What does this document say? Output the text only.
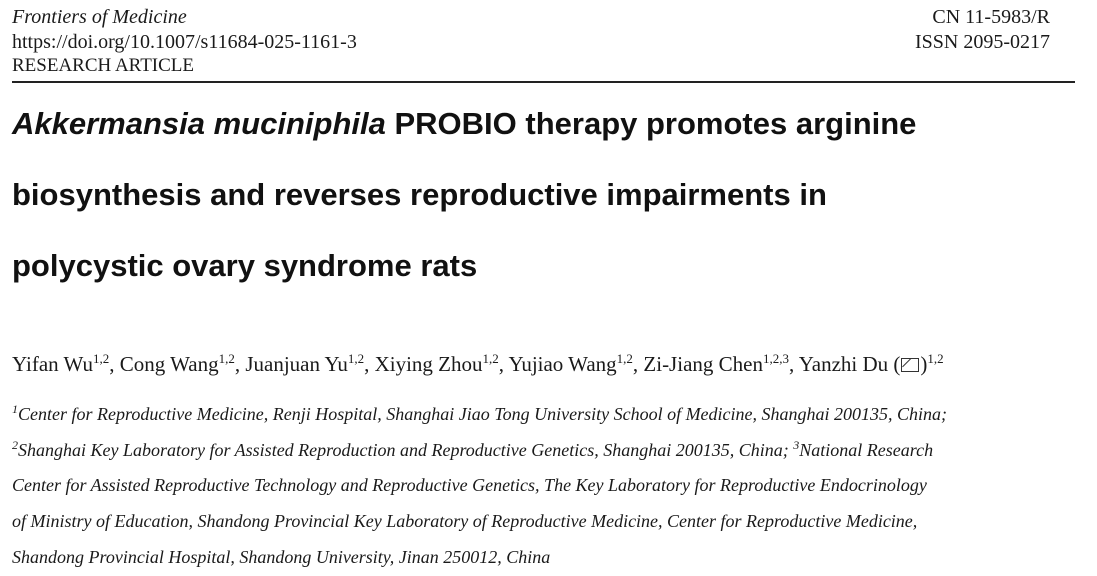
Frontiers of Medicine
https://doi.org/10.1007/s11684-025-1161-3
RESEARCH ARTICLE
CN 11-5983/R
ISSN 2095-0217
Akkermansia muciniphila PROBIO therapy promotes arginine
biosynthesis and reverses reproductive impairments in
polycystic ovary syndrome rats
Yifan Wu$^{1,2}$, Cong Wang$^{1,2}$, Juanjuan Yu$^{1,2}$, Xiying Zhou$^{1,2}$, Yujiao Wang$^{1,2}$, Zi-Jiang Chen$^{1,2,3}$, Yanzhi Du ( )$^{1,2}$

$^1$Center for Reproductive Medicine, Renji Hospital, Shanghai Jiao Tong University School of Medicine, Shanghai 200135, China;

$^2$Shanghai Key Laboratory for Assisted Reproduction and Reproductive Genetics, Shanghai 200135, China; $^3$National Research

Center for Assisted Reproductive Technology and Reproductive Genetics, The Key Laboratory for Reproductive Endocrinology

of Ministry of Education, Shandong Provincial Key Laboratory of Reproductive Medicine, Center for Reproductive Medicine,

Shandong Provincial Hospital, Shandong University, Jinan 250012, China
